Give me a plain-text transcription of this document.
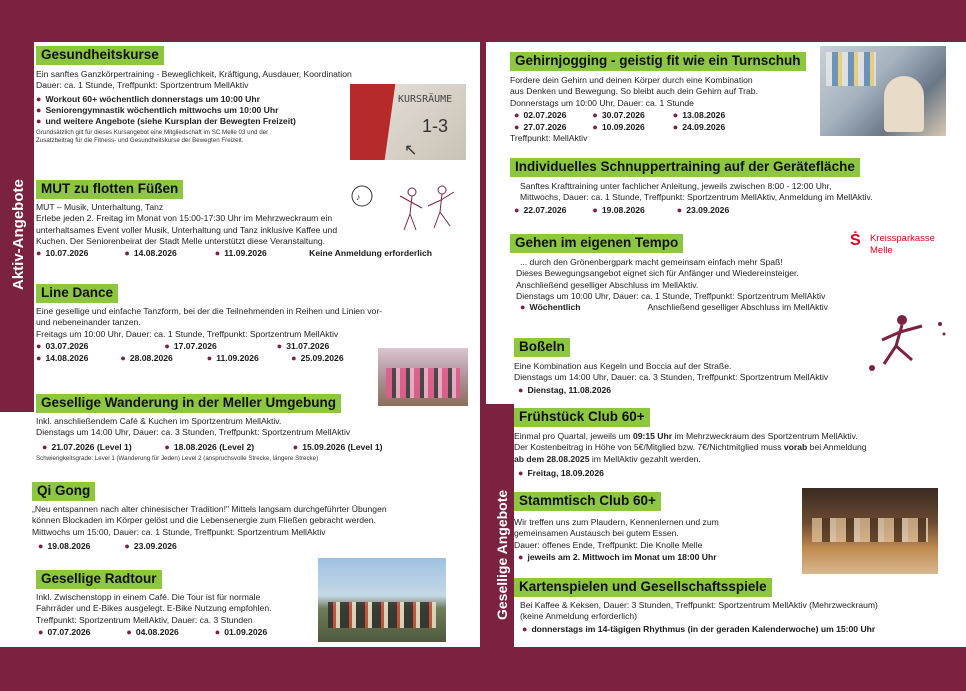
Aktiv-Angebote
Gesundheitskurse
Ein sanftes Ganzkörpertraining - Beweglichkeit, Kräftigung, Ausdauer, Koordination
Dauer: ca. 1 Stunde, Treffpunkt: Sportzentrum MellAktiv
● Workout 60+ wöchentlich donnerstags um 10:00 Uhr
● Seniorengymnastik wöchentlich mittwochs um 10:00 Uhr
● und weitere Angebote (siehe Kursplan der Bewegten Freizeit)
Grundsätzlich gilt für dieses Kursangebot eine Mitgliedschaft im SC Melle 03 und der
Zusatzbeitrag für die Fitness- und Gesundheitskurse der Bewegten Freizeit.
KURSRÄUME
1-3
↖
MUT zu flotten Füßen
MUT – Musik, Unterhaltung, Tanz
Erlebe jeden 2. Freitag im Monat von 15:00-17:30 Uhr im Mehrzweckraum ein
unterhaltsames Event voller Musik, Unterhaltung und Tanz inklusive Kaffee und
Kuchen. Der Seniorenbeirat der Stadt Melle unterstützt diese Veranstaltung.
● 10.07.2026	● 14.08.2026	● 11.09.2026	Keine Anmeldung erforderlich
♪
Line Dance
Eine gesellige und einfache Tanzform, bei der die Teilnehmenden in Reihen und Linien vor-
und nebeneinander tanzen.
Freitags um 10:00 Uhr, Dauer: ca. 1 Stunde, Treffpunkt: Sportzentrum MellAktiv
● 03.07.2026	● 17.07.2026	● 31.07.2026
● 14.08.2026	● 28.08.2026	● 11.09.2026	● 25.09.2026
Gesellige Wanderung in der Meller Umgebung
Inkl. anschließendem Café & Kuchen im Sportzentrum MellAktiv.
Dienstags um 14:00 Uhr, Dauer: ca. 3 Stunden, Treffpunkt: Sportzentrum MellAktiv
● 21.07.2026 (Level 1)	● 18.08.2026 (Level 2)	● 15.09.2026 (Level 1)
Schwierigkeitsgrade: Level 1 (Wanderung für Jeden) Level 2 (anspruchsvolle Strecke, längere Strecke)
Qi Gong
„Neu entspannen nach alter chinesischer Tradition!" Mittels langsam durchgeführter Übungen
können Blockaden im Körper gelöst und die Lebensenergie zum Fließen gebracht werden.
Mittwochs um 15:00, Dauer: ca. 1 Stunde, Treffpunkt: Sportzentrum MellAktiv
● 19.08.2026	● 23.09.2026
Gesellige Radtour
Inkl. Zwischenstopp in einem Café. Die Tour ist für normale
Fahrräder und E-Bikes ausgelegt. E-Bike Nutzung empfohlen.
Treffpunkt: Sportzentrum MellAktiv, Dauer: ca. 3 Stunden
● 07.07.2026	● 04.08.2026	● 01.09.2026
Gesellige Angebote
Gehirnjogging - geistig fit wie ein Turnschuh
Fordere dein Gehirn und deinen Körper durch eine Kombination
aus Denken und Bewegung. So bleibt auch dein Gehirn auf Trab.
Donnerstags um 10:00 Uhr, Dauer: ca. 1 Stunde
● 02.07.2026	● 30.07.2026	● 13.08.2026
● 27.07.2026	● 10.09.2026	● 24.09.2026
Treffpunkt: MellAktiv
Individuelles Schnuppertraining auf der Gerätefläche
Sanftes Krafttraining unter fachlicher Anleitung, jeweils zwischen 8:00 - 12:00 Uhr,
Mittwochs, Dauer: ca. 1 Stunde, Treffpunkt: Sportzentrum MellAktiv, Anmeldung im MellAktiv.
● 22.07.2026	● 19.08.2026	● 23.09.2026
Gehen im eigenen Tempo
... durch den Grönenbergpark macht gemeinsam einfach mehr Spaß!
Dieses Bewegungsangebot eignet sich für Anfänger und Wiedereinsteiger.
Anschließend geselliger Abschluss im MellAktiv.
Dienstags um 10:00 Uhr, Dauer: ca. 1 Stunde, Treffpunkt: Sportzentrum MellAktiv
● Wöchentlich	Anschließend geselliger Abschluss im MellAktiv
Ṡ Kreissparkasse
Melle
Boßeln
Eine Kombination aus Kegeln und Boccia auf der Straße.
Dienstags um 14:00 Uhr, Dauer: ca. 3 Stunden, Treffpunkt: Sportzentrum MellAktiv
● Dienstag, 11.08.2026
Frühstück Club 60+
Einmal pro Quartal, jeweils um 09:15 Uhr im Mehrzweckraum des Sportzentrum MellAktiv.
Der Kostenbeitrag in Höhe von 5€/Mitglied bzw. 7€/Nichtmitglied muss vorab bei Anmeldung
ab dem 28.08.2025 im MellAktiv gezahlt werden.
● Freitag, 18.09.2026
Stammtisch Club 60+
Wir treffen uns zum Plaudern, Kennenlernen und zum
gemeinsamen Austausch bei gutem Essen.
Dauer: offenes Ende, Treffpunkt: Die Knolle Melle
● jeweils am 2. Mittwoch im Monat um 18:00 Uhr
Kartenspielen und Gesellschaftsspiele
Bei Kaffee & Keksen, Dauer: 3 Stunden, Treffpunkt: Sportzentrum MellAktiv (Mehrzweckraum)
(keine Anmeldung erforderlich)
● donnerstags im 14-tägigen Rhythmus (in der geraden Kalenderwoche) um 15:00 Uhr
